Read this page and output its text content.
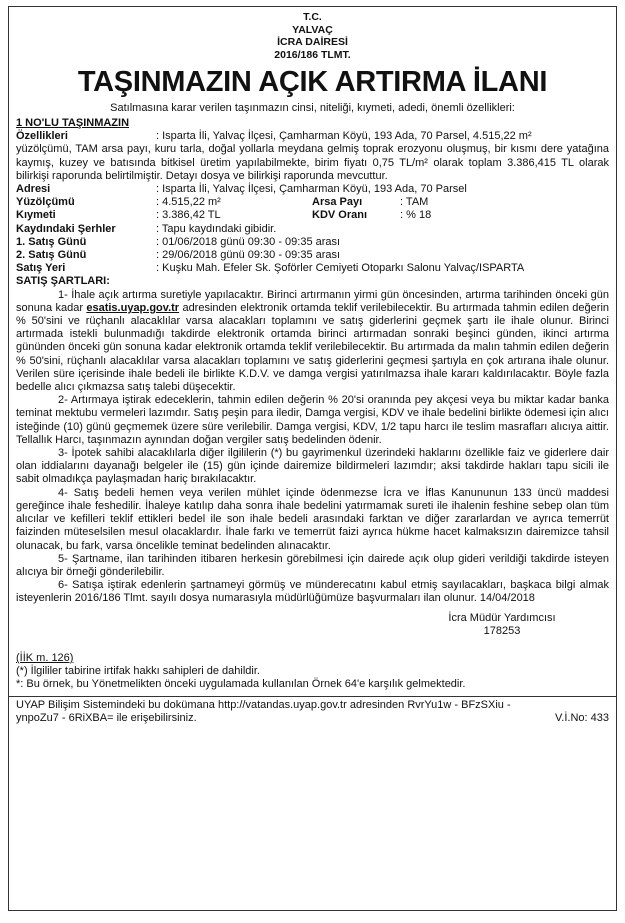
T.C.
YALVAÇ
İCRA DAİRESİ
2016/186 TLMT.
TAŞINMAZIN AÇIK ARTIRMA İLANI
Satılmasına karar verilen taşınmazın cinsi, niteliği, kıymeti, adedi, önemli özellikleri:
1 NO'LU TAŞINMAZIN
Özellikleri	: Isparta İli, Yalvaç İlçesi, Çamharman Köyü, 193 Ada, 70 Parsel, 4.515,22 m²

yüzölçümü, TAM arsa payı, kuru tarla, doğal yollarla meydana gelmiş toprak erozyonu oluşmuş, bir kısmı dere yatağına kaymış, kuzey ve batısında bitkisel üretim yapılabilmekte, birim fiyatı 0,75 TL/m² olarak toplam 3.386,415 TL olarak bilirkişi raporunda belirtilmiştir. Detayı dosya ve bilirkişi raporunda mevcuttur.

Adresi	: Isparta İli, Yalvaç İlçesi, Çamharman Köyü, 193 Ada, 70 Parsel
Yüzölçümü	: 4.515,22 m²	Arsa Payı	: TAM
Kıymeti	: 3.386,42 TL	KDV Oranı	: % 18
Kaydındaki Şerhler	: Tapu kaydındaki gibidir.
1. Satış Günü	: 01/06/2018 günü 09:30 - 09:35 arası
2. Satış Günü	: 29/06/2018 günü 09:30 - 09:35 arası
Satış Yeri	: Kuşku Mah. Efeler Sk. Şoförler Cemiyeti Otoparkı Salonu Yalvaç/ISPARTA
SATIŞ ŞARTLARI:

1- İhale açık artırma suretiyle yapılacaktır. Birinci artırmanın yirmi gün öncesinden, artırma tarihinden önceki gün sonuna kadar esatis.uyap.gov.tr adresinden elektronik ortamda teklif verilebilecektir. Bu artırmada tahmin edilen değerin % 50'sini ve rüçhanlı alacaklılar varsa alacakları toplamını ve satış giderlerini geçmek şartı ile ihale olunur. Birinci artırmada istekli bulunmadığı takdirde elektronik ortamda birinci artırmadan sonraki beşinci günden, ikinci artırma gününden önceki gün sonuna kadar elektronik ortamda teklif verilebilecektir. Bu artırmada da malın tahmin edilen değerin % 50'sini, rüçhanlı alacaklılar varsa alacakları toplamını ve satış giderlerini geçmesi şartıyla en çok artırana ihale olunur. Verilen süre içerisinde ihale bedeli ile birlikte K.D.V. ve damga vergisi yatırılmazsa ihale kararı kaldırılacaktır. Böyle fazla bedelle alıcı çıkmazsa satış talebi düşecektir.

2- Artırmaya iştirak edeceklerin, tahmin edilen değerin % 20'si oranında pey akçesi veya bu miktar kadar banka teminat mektubu vermeleri lazımdır. Satış peşin para iledir, Damga vergisi, KDV ve ihale bedelini birlikte ödemesi için alıcı isteğinde (10) günü geçmemek üzere süre verilebilir. Damga vergisi, KDV, 1/2 tapu harcı ile teslim masrafları alıcıya aittir. Tellallık Harcı, taşınmazın aynından doğan vergiler satış bedelinden ödenir.

3- İpotek sahibi alacaklılarla diğer ilgililerin (*) bu gayrimenkul üzerindeki haklarını özellikle faiz ve giderlere dair olan iddialarını dayanağı belgeler ile (15) gün içinde dairemize bildirmeleri lazımdır; aksi takdirde hakları tapu sicili ile sabit olmadıkça paylaşmadan hariç bırakılacaktır.

4- Satış bedeli hemen veya verilen mühlet içinde ödenmezse İcra ve İflas Kanununun 133 üncü maddesi gereğince ihale feshedilir. İhaleye katılıp daha sonra ihale bedelini yatırmamak sureti ile ihalenin feshine sebep olan tüm alıcılar ve kefilleri teklif ettikleri bedel ile son ihale bedeli arasındaki farktan ve diğer zararlardan ve ayrıca temerrüt faizinden müteselsilen mesul olacaklardır. İhale farkı ve temerrüt faizi ayrıca hükme hacet kalmaksızın dairemizce tahsil olunacak, bu fark, varsa öncelikle teminat bedelinden alınacaktır.

5- Şartname, ilan tarihinden itibaren herkesin görebilmesi için dairede açık olup gideri verildiği takdirde isteyen alıcıya bir örneği gönderilebilir.

6- Satışa iştirak edenlerin şartnameyi görmüş ve münderecatını kabul etmiş sayılacakları, başkaca bilgi almak isteyenlerin 2016/186 Tlmt. sayılı dosya numarasıyla müdürlüğümüze başvurmaları ilan olunur. 14/04/2018

İcra Müdür Yardımcısı
178253
(İİK m. 126)
(*) İlgililer tabirine irtifak hakkı sahipleri de dahildir.
*: Bu örnek, bu Yönetmelikten önceki uygulamada kullanılan Örnek 64'e karşılık gelmektedir.
UYAP Bilişim Sistemindeki bu dokümana http://vatandas.uyap.gov.tr adresinden RvrYu1w - BFzSXiu -
ynpoZu7 - 6RiXBA= ile erişebilirsiniz.	V.İ.No: 433
